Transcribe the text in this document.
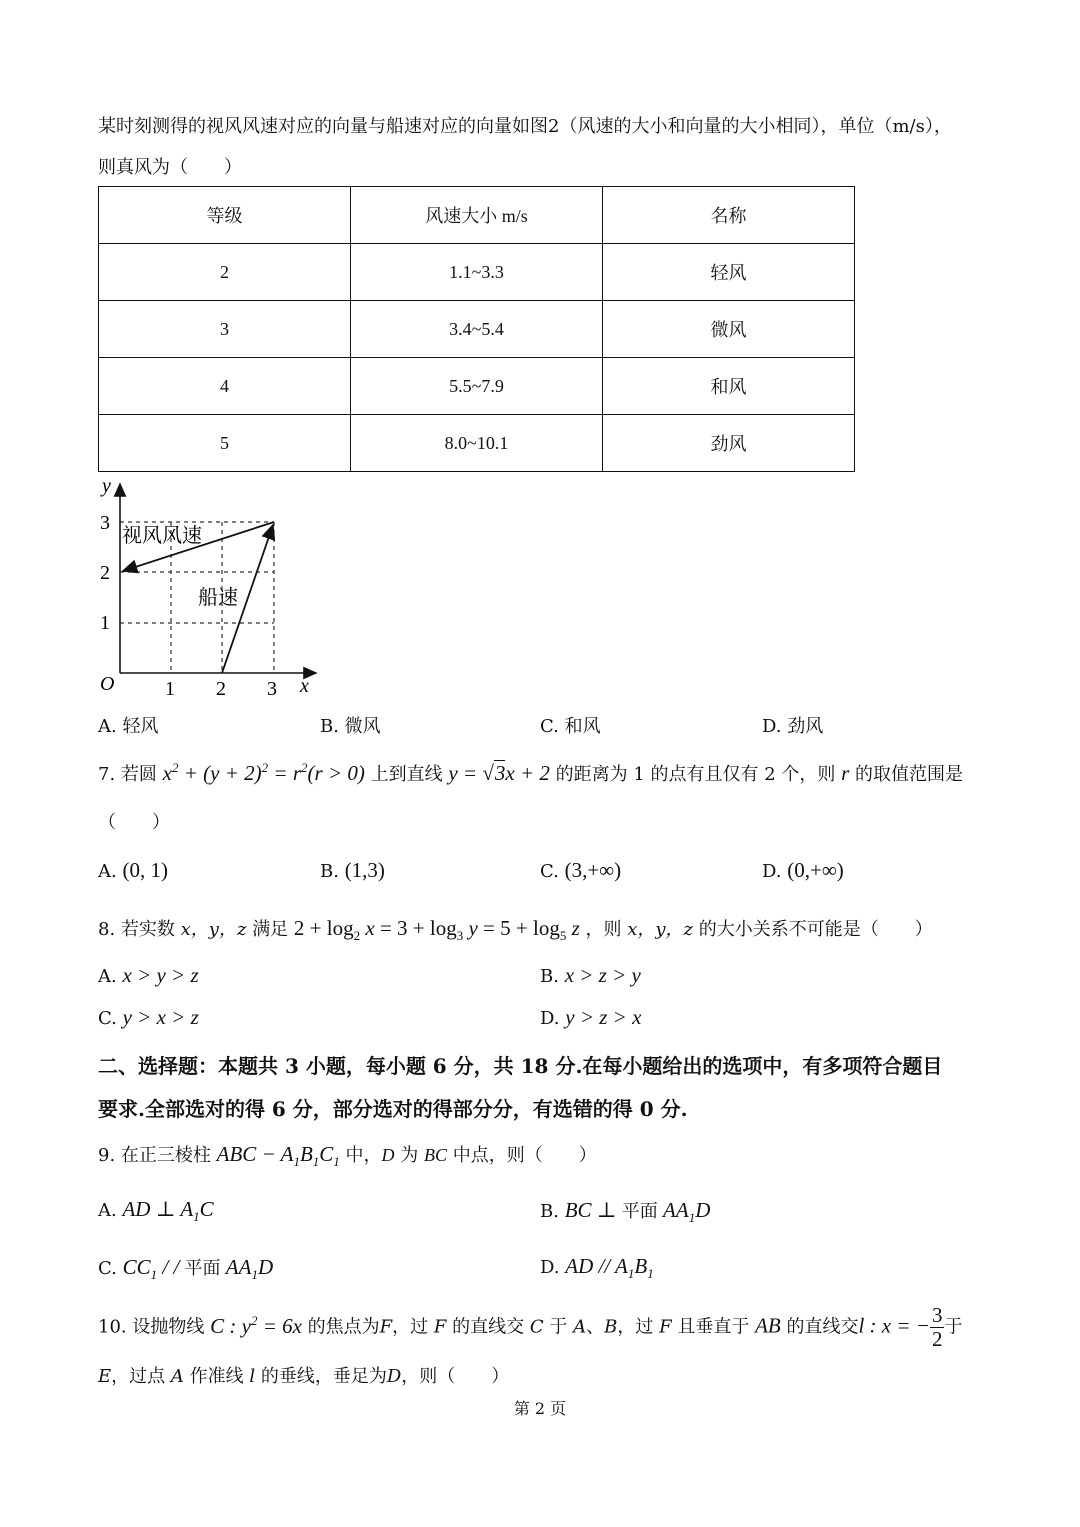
某时刻测得的视风风速对应的向量与船速对应的向量如图2（风速的大小和向量的大小相同），单位（m/s），
则真风为（　　）
等级	风速大小 m/s	名称
2	1.1~3.3	轻风
3	3.4~5.4	微风
4	5.5~7.9	和风
5	8.0~10.1	劲风
y
x
O	1 2 3
1
2
3 视风风速
船速
A. 轻风	B. 微风	C. 和风	D. 劲风
7. 若圆 $x^2 + (y + 2)^2 = r^2(r > 0)$ 上到直线 y = √3x + 2 的距离为 1 的点有且仅有 2 个，则 r 的取值范围是
（　　）
A. (0, 1)	B. (1,3)	C. (3,+∞)	D. (0,+∞)
8. 若实数 x，y，z 满足 $2 + \log_2 x = 3 + \log_3 y = 5 + \log_5 z$ ，则 x，y，z 的大小关系不可能是（　　）
A. x > y > z	B. x > z > y
C. y > x > z	D. y > z > x
二、选择题：本题共 3 小题，每小题 6 分，共 18 分.在每小题给出的选项中，有多项符合题目
要求.全部选对的得 6 分，部分选对的得部分分，有选错的得 0 分.
9. 在正三棱柱 ABC − $A_1B_1C_1$ 中，D 为 BC 中点，则（　　）
A. AD ⊥ $A_1C$	B. BC ⊥ 平面 $AA_1D$
C. $CC_1$ / / 平面 $AA_1D$	D. AD // $A_1B_1$
10. 设抛物线 C : $y^2 = 6x$ 的焦点为F，过 F 的直线交 C 于 A、B，过 F 且垂直于 AB 的直线交l : x = − $\frac{3}{2}$ 于
E，过点 A 作准线 l 的垂线，垂足为D，则（　　）
第 2 页
